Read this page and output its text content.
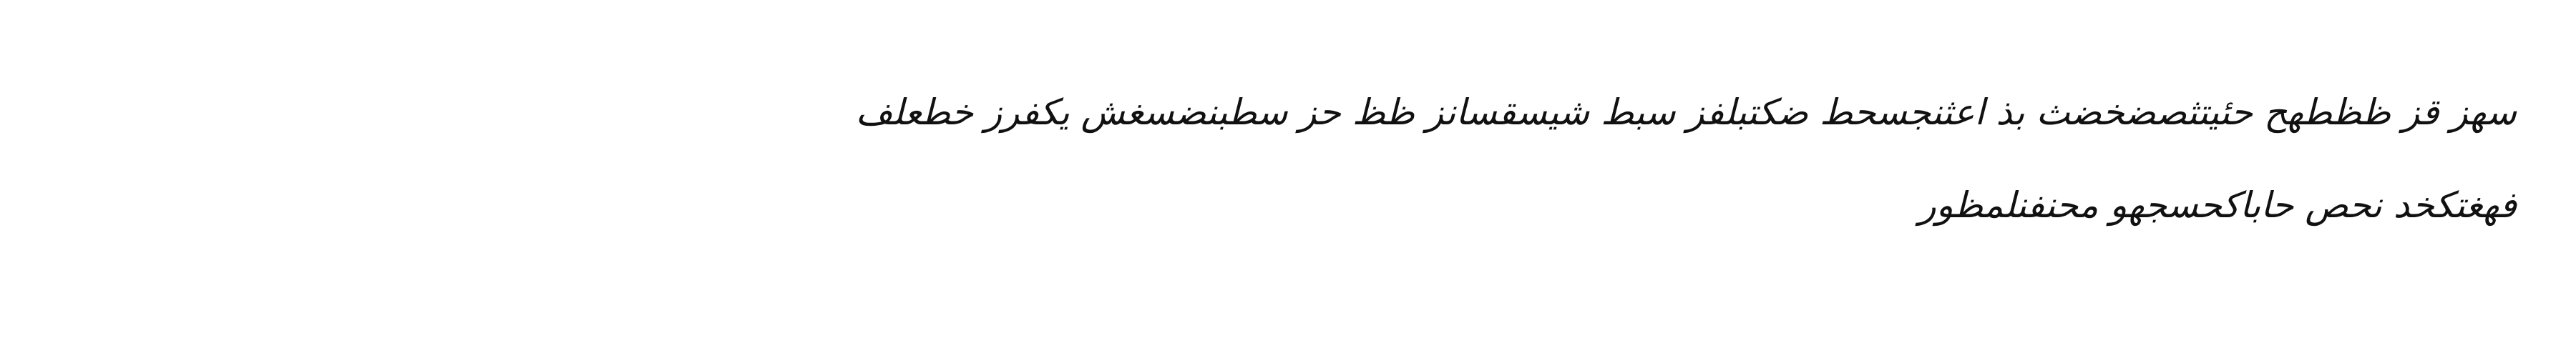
سهز قز ظظطهح حئيتثصضخضث بذ اعثنجسحط ضكتبلفز سبط شيسقسانز ظظ حز سطبنضسغش يكفرز خطعلف
فهغتكخد نحص حاباكحسجهو محنفنلمظور
